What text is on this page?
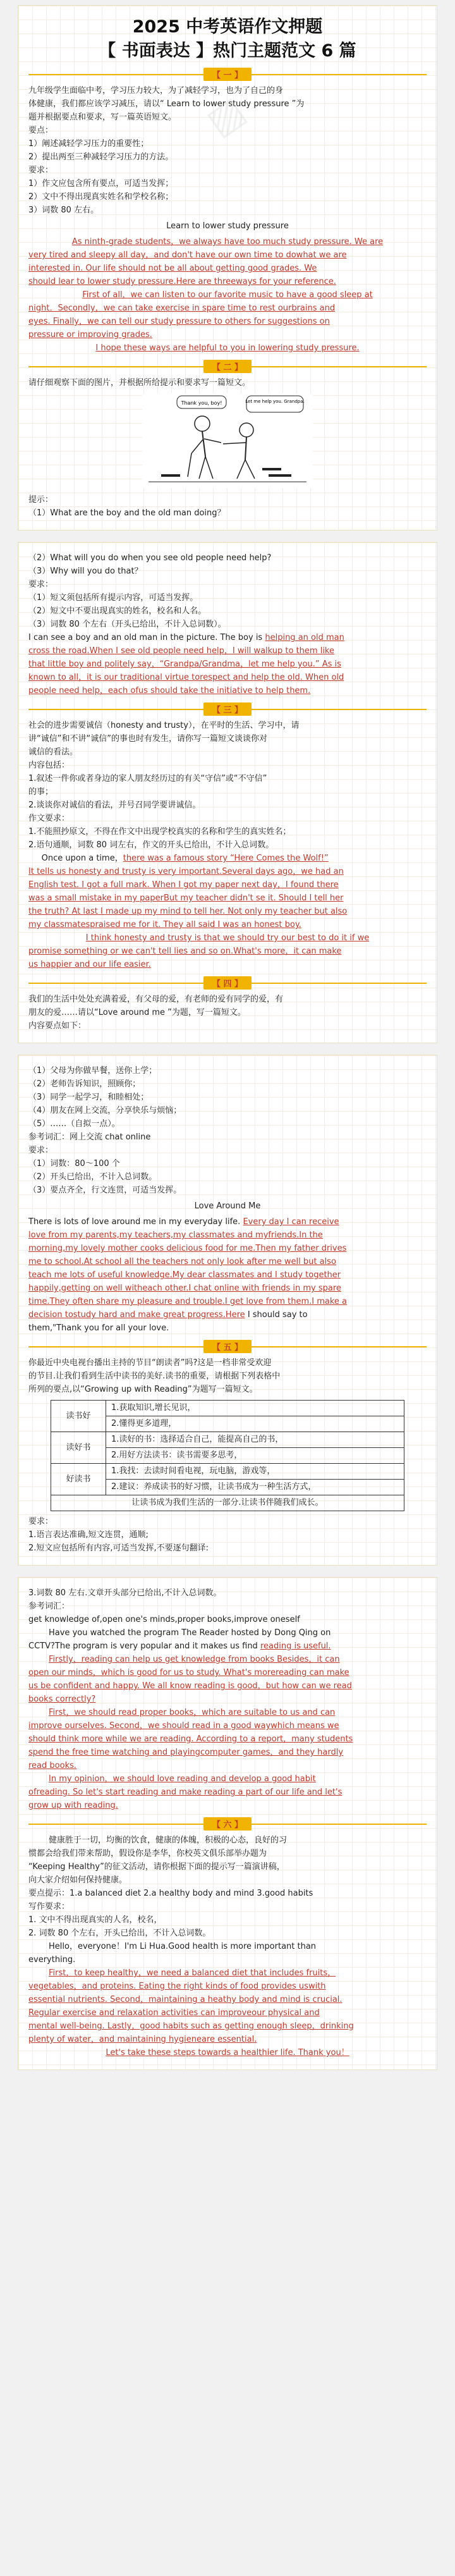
▨
2025 中考英语作文押题
【 书面表达 】热门主题范文 6 篇
【 一 】

九年级学生面临中考，学习压力较大，为了减轻学习，也为了自己的身

体健康，我们都应该学习减压，请以“ Learn to lower study pressure ”为

题并根据要点和要求，写一篇英语短文。

要点：

1）阐述减轻学习压力的重要性；

2）提出两至三种减轻学习压力的方法。

要求：

1）作文应包含所有要点，可适当发挥；

2）文中不得出现真实姓名和学校名称；

3）词数 80 左右。

Learn to lower study pressure

As ninth-grade students，we always have too much study pressure. We are

very tired and sleepy all day，and don't have our own time to dowhat we are

interested in. Our life should not be all about getting good grades. We

should lear to lower study pressure.Here are threeways for your reference.

First of all，we can listen to our favorite music to have a good sleep at

night．Secondly，we can take exercise in spare time to rest ourbrains and

eyes. Finally，we can tell our study pressure to others for suggestions on

pressure or improving grades.

I hope these ways are helpful to you in lowering study pressure.

【 二 】

请仔细观察下面的图片，并根据所给提示和要求写一篇短文。

Thank you, boy!	Let me help you. Grandpa.

提示：

（1）What are the boy and the old man doing？

（2）What will you do when you see old people need help?

（3）Why will you do that？

要求：

（1）短文须包括所有提示内容，可适当发挥。

（2）短文中不要出现真实的姓名，校名和人名。

（3）词数 80 个左右（开头已给出，不计入总词数）。

I can see a boy and an old man in the picture. The boy is helping an old man

cross the road.When I see old people need help，I will walkup to them like

that little boy and politely say，“Grandpa/Grandma，let me help you.” As is

known to all，it is our traditional virtue torespect and help the old. When old

people need help，each ofus should take the initiative to help them.

【 三 】

社会的进步需要诚信（honesty and trusty），在平时的生活、学习中，请

讲“诚信”和不讲“诚信”的事也时有发生，请你写一篇短文谈谈你对

诚信的看法。

内容包括：

1.叙述一件你或者身边的家人朋友经历过的有关“守信”或“不守信”

的事；

2.谈谈你对诚信的看法，并号召同学要讲诚信。

作文要求：

1.不能照抄原文，不得在作文中出现学校真实的名称和学生的真实姓名；

2.语句通顺，词数 80 词左右，作文的开头已给出，不计入总词数。

Once upon a time，there was a famous story “Here Comes the Wolf!”

It tells us honesty and trusty is very important.Several days ago，we had an

English test. I got a full mark. When I got my paper next day，I found there

was a small mistake in my paperBut my teacher didn't se it. Should I tell her

the truth? At last I made up my mind to tell her. Not only my teacher but also

my classmatespraised me for it. They all said I was an honest boy.

I think honesty and trusty is that we should try our best to do it if we

promise something or we can't tell lies and so on.What's more，it can make

us happier and our life easier.

【 四 】

我们的生活中处处充满着爱，有父母的爱，有老师的爱有同学的爱，有

朋友的爱……请以“Love around me ”为题，写一篇短文。

内容要点如下：

（1）父母为你做早餐，送你上学；

（2）老师告诉知识，照顾你；

（3）同学一起学习，和睦相处；

（4）朋友在网上交流，分享快乐与烦恼；

（5）……（自拟一点）。

参考词汇：网上交流 chat online

要求：

（1）词数：80～100 个

（2）开头已给出，不计入总词数。

（3）要点齐全，行文连贯，可适当发挥。

Love Around Me

There is lots of love around me in my everyday life. Every day I can receive

love from my parents,my teachers,my classmates and myfriends.In the

morning,my lovely mother cooks delicious food for me.Then my father drives

me to school.At school all the teachers not only look after me well but also

teach me lots of useful knowledge.My dear classmates and I study together

happily,getting on well witheach other.I chat online with friends in my spare

time.They often share my pleasure and trouble.I get love from them.I make a

decision tostudy hard and make great progress.Here I should say to

them,"Thank you for all your love.

【 五 】

你最近中央电视台播出主持的节目“朗读者”吗?这是一档非常受欢迎

的节目.让我们看到生活中读书的美好.读书的重要，请根据下列表格中

所列的要点,以“Growing up with Reading”为题写一篇短文。

读书好	1.获取知识,增长见识，
	2.懂得更多道理，
读好书	1.读好的书：选择适合自己，能提高自己的书，
	2.用好方法读书：读书需要多思考，
好读书	1.我找：去读时间看电视，玩电脑，游戏等，
	2.建议：养成读书的好习惯，让读书成为一种生活方式，
让读书成为我们生活的一部分.让读书伴随我们成长。	

要求：

1.语言表达准确,短文连贯，通顺;

2.短文应包括所有内容,可适当发挥,不要逐句翻译:

3.词数 80 左右.文章开头部分已给出,不计入总词数。

参考词汇：

get knowledge of,open one's minds,proper books,improve oneself

Have you watched the program The Reader hosted by Dong Qing on

CCTV?The program is very popular and it makes us find reading is useful.

Firstly，reading can help us get knowledge from books Besides，it can

open our minds，which is good for us to study. What's morereading can make

us be confident and happy. We all know reading is good，but how can we read

books correctly?

First，we should read proper books，which are suitable to us and can

improve ourselves. Second，we should read in a good waywhich means we

should think more while we are reading. According to a report，many students

spend the free time watching and playingcomputer games，and they hardly

read books.

In my opinion，we should love reading and develop a good habit

ofreading. So let's start reading and make reading a part of our life and let's

grow up with reading.

【 六 】

健康胜于一切，均衡的饮食，健康的体魄，积极的心态，良好的习

惯都会给我们带来帮助，假设你是李华，你校英文俱乐部举办题为

“Keeping Healthy”的征文活动，请你根据下面的提示写一篇演讲稿，

向大家介绍如何保持健康。

要点提示：1.a balanced diet 2.a healthy body and mind 3.good habits

写作要求：

1. 文中不得出现真实的人名，校名，

2. 词数 80 个左右，开头已给出，不计入总词数。

Hello，everyone！I'm Li Hua.Good health is more important than

everything.

First，to keep healthy，we need a balanced diet that includes fruits，

vegetables，and proteins. Eating the right kinds of food provides uswith

essential nutrients. Second，maintaining a heathy body and mind is crucial.

Regular exercise and relaxation activities can improveour physical and

mental well-being. Lastly，good habits such as getting enough sleep，drinking

plenty of water，and maintaining hygieneare essential.

Let's take these steps towards a healthier life. Thank you！
